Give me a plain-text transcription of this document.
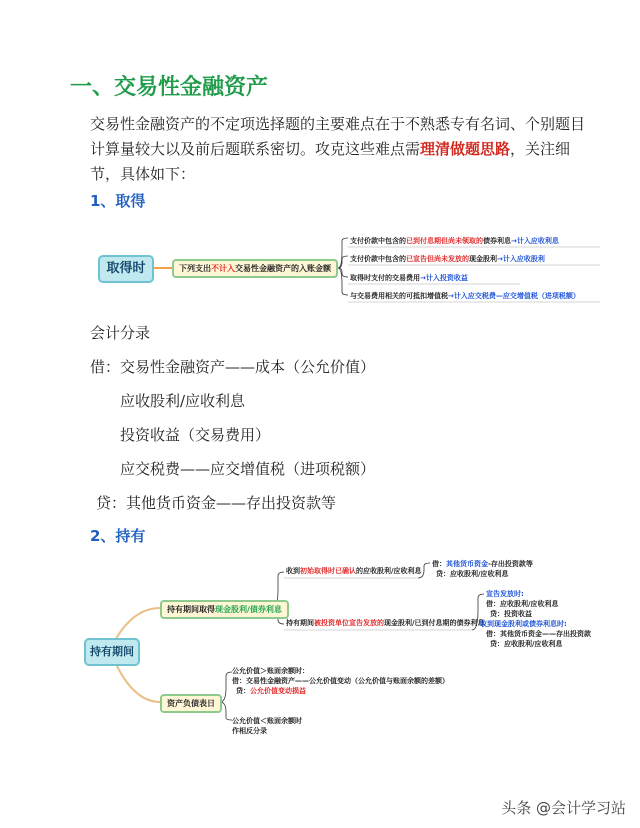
一、交易性金融资产
交易性金融资产的不定项选择题的主要难点在于不熟悉专有名词、个别题目计算量较大以及前后题联系密切。攻克这些难点需理清做题思路，关注细节，具体如下：
1、取得
取得时	下列支出不计入交易性金融资产的入账金额
支付价款中包含的已到付息期但尚未领取的债券利息→计入应收利息
支付价款中包含的已宣告但尚未发放的现金股利→计入应收股利
取得时支付的交易费用→计入投资收益
与交易费用相关的可抵扣增值税→计入应交税费—应交增值税（进项税额）
会计分录
借：交易性金融资产——成本（公允价值）
应收股利/应收利息
投资收益（交易费用）
应交税费——应交增值税（进项税额）
贷：其他货币资金——存出投资款等
2、持有
持有期间
持有期间取得现金股利/债券利息
收到初始取得时已确认的应收股利/应收利息
借：其他货币资金-存出投资款等
贷：应收股利/应收利息
持有期间被投资单位宣告发放的现金股利/已到付息期的债券利息
宣告发放时:
借：应收股利/应收利息
贷：投资收益
收到现金股利或债券利息时:
借：其他货币资金——存出投资款
贷：应收股利/应收利息
资产负债表日
公允价值＞账面余额时：
借：交易性金融资产——公允价值变动（公允价值与账面余额的差额）
贷：公允价值变动损益
公允价值＜账面余额时
作相反分录
头条 @会计学习站
